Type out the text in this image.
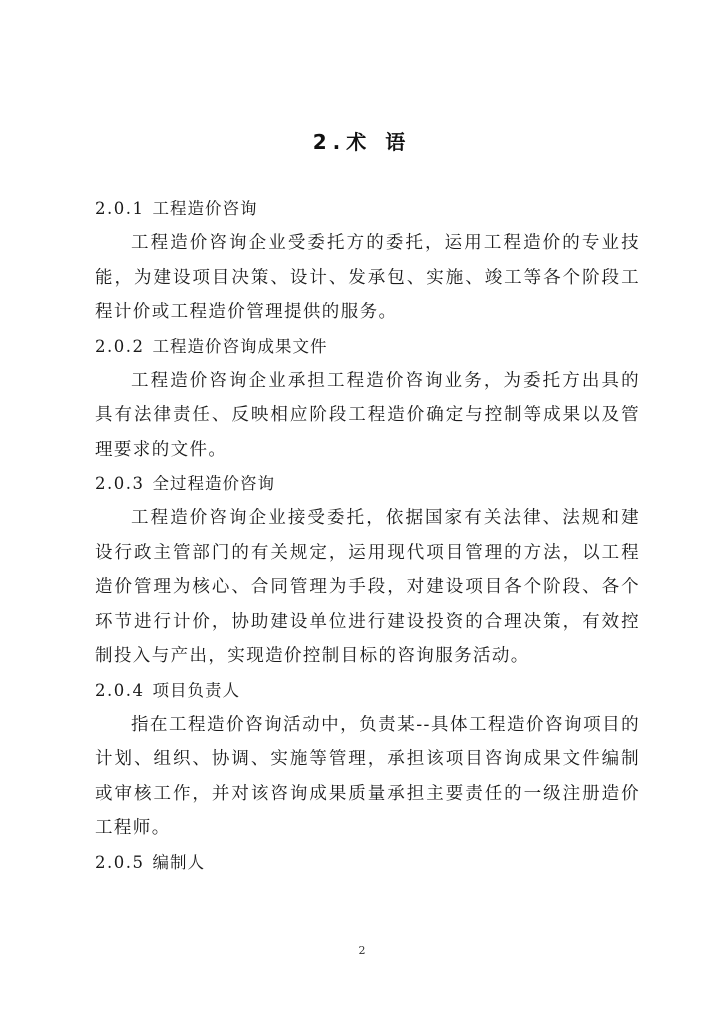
2.术 语
2.0.1 工程造价咨询

工程造价咨询企业受委托方的委托，运用工程造价的专业技能，为建设项目决策、设计、发承包、实施、竣工等各个阶段工程计价或工程造价管理提供的服务。

2.0.2 工程造价咨询成果文件

工程造价咨询企业承担工程造价咨询业务，为委托方出具的具有法律责任、反映相应阶段工程造价确定与控制等成果以及管理要求的文件。

2.0.3 全过程造价咨询

工程造价咨询企业接受委托，依据国家有关法律、法规和建设行政主管部门的有关规定，运用现代项目管理的方法，以工程造价管理为核心、合同管理为手段，对建设项目各个阶段、各个环节进行计价，协助建设单位进行建设投资的合理决策，有效控制投入与产出，实现造价控制目标的咨询服务活动。

2.0.4 项目负责人

指在工程造价咨询活动中，负责某--具体工程造价咨询项目的计划、组织、协调、实施等管理，承担该项目咨询成果文件编制或审核工作，并对该咨询成果质量承担主要责任的一级注册造价工程师。

2.0.5 编制人
2
